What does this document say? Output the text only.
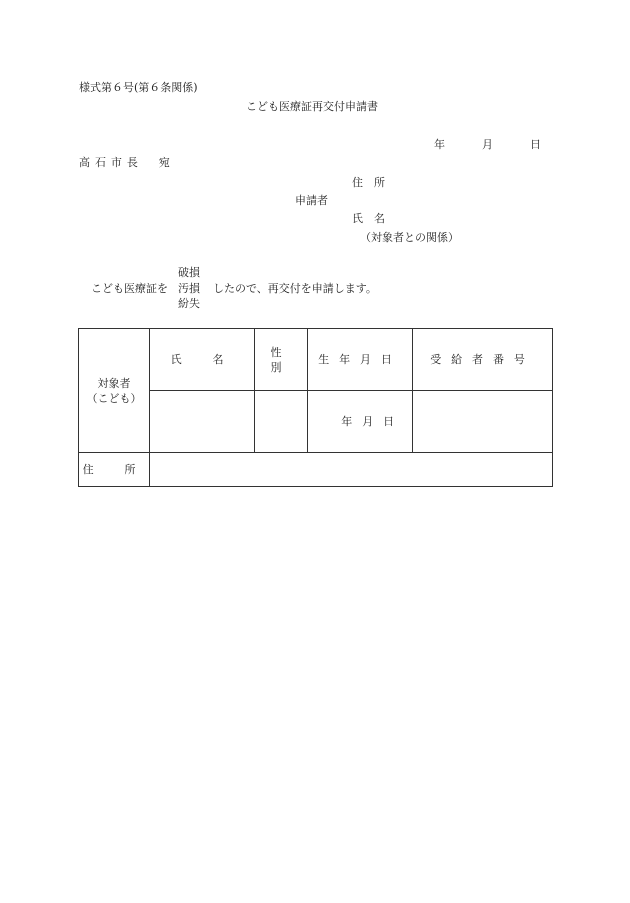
様式第６号(第６条関係)
こども医療証再交付申請書
年	月	日
高石市長　宛
住　所
申請者
氏　名
（対象者との関係）
破損
こども医療証を 汚損 したので、再交付を申請します。
紛失
対象者
（こども）	氏　名	性　別	生年月日	受給者番号
			年月日	
住　所				
